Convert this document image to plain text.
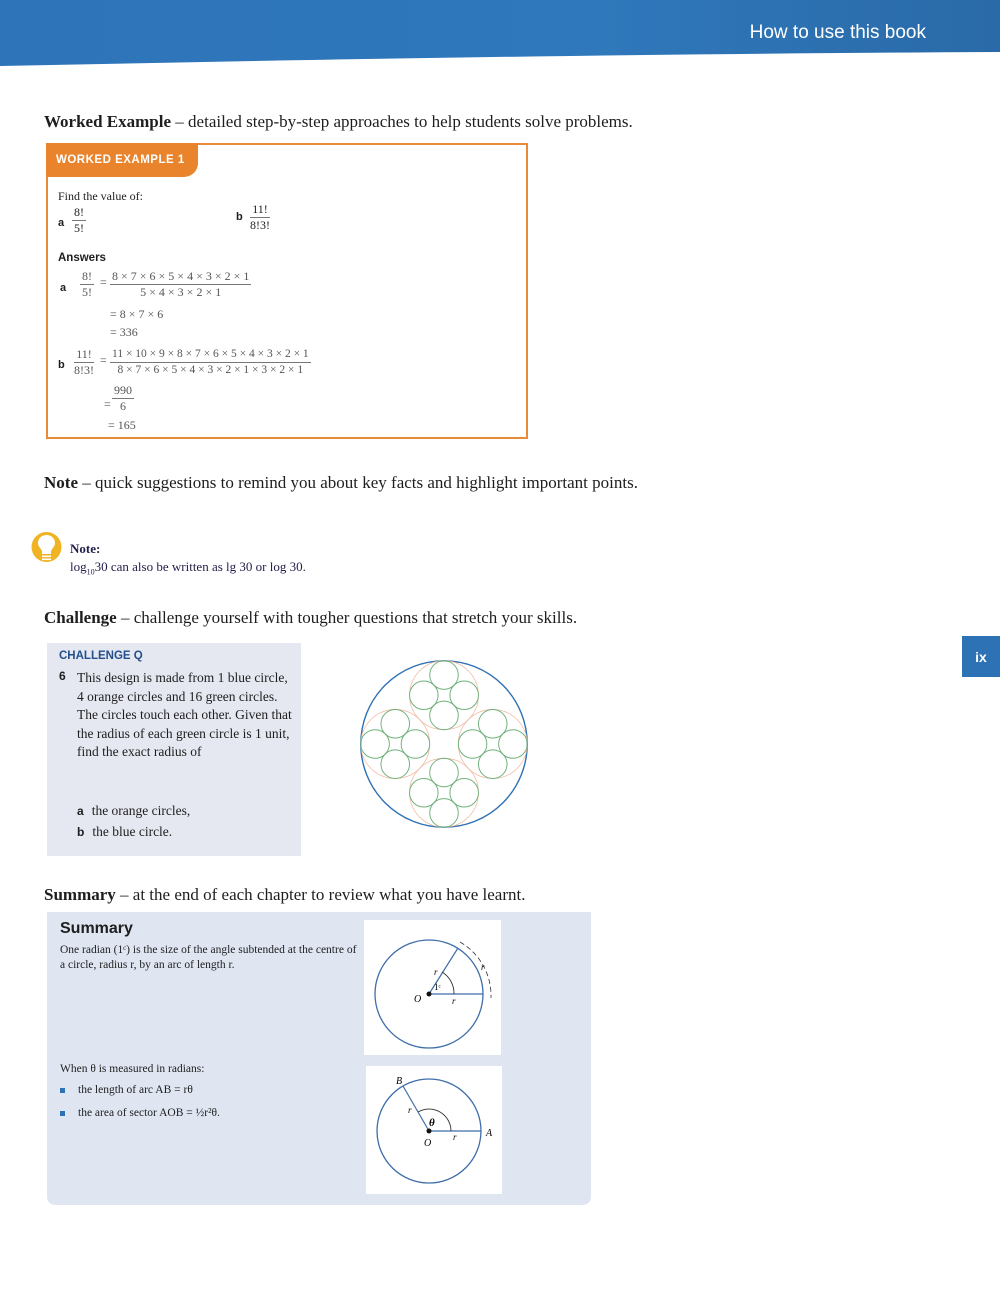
How to use this book
ix
Worked Example – detailed step-by-step approaches to help students solve problems.
WORKED EXAMPLE 1
Find the value of:
a $\frac{8!}{5!}$	b $\frac{11!}{8!3!}$
Answers
a $\frac{8!}{5!} = \frac{8 \times 7 \times 6 \times 5 \times 4 \times 3 \times 2 \times 1}{5 \times 4 \times 3 \times 2 \times 1}$
= 8 × 7 × 6
= 336
b $\frac{11!}{8!3!} = \frac{11 \times 10 \times 9 \times 8 \times 7 \times 6 \times 5 \times 4 \times 3 \times 2 \times 1}{8 \times 7 \times 6 \times 5 \times 4 \times 3 \times 2 \times 1 \times 3 \times 2 \times 1}$
= $\frac{990}{6}$
= 165
Note – quick suggestions to remind you about key facts and highlight important points.
Note:
$\log_{10}30$ can also be written as lg 30 or log 30.
Challenge – challenge yourself with tougher questions that stretch your skills.
CHALLENGE Q
6 This design is made from 1 blue circle, 4 orange circles and 16 green circles. The circles touch each other. Given that the radius of each green circle is 1 unit, find the exact radius of
a the orange circles,
b the blue circle.
Summary – at the end of each chapter to review what you have learnt.
Summary
One radian (1ᶜ) is the size of the angle subtended at the centre of a circle, radius r, by an arc of length r.
When θ is measured in radians:
the length of arc AB = rθ
the area of sector AOB = ½r²θ.
O
r
r
r
1ᶜ
O
A
B
r
r
θ
